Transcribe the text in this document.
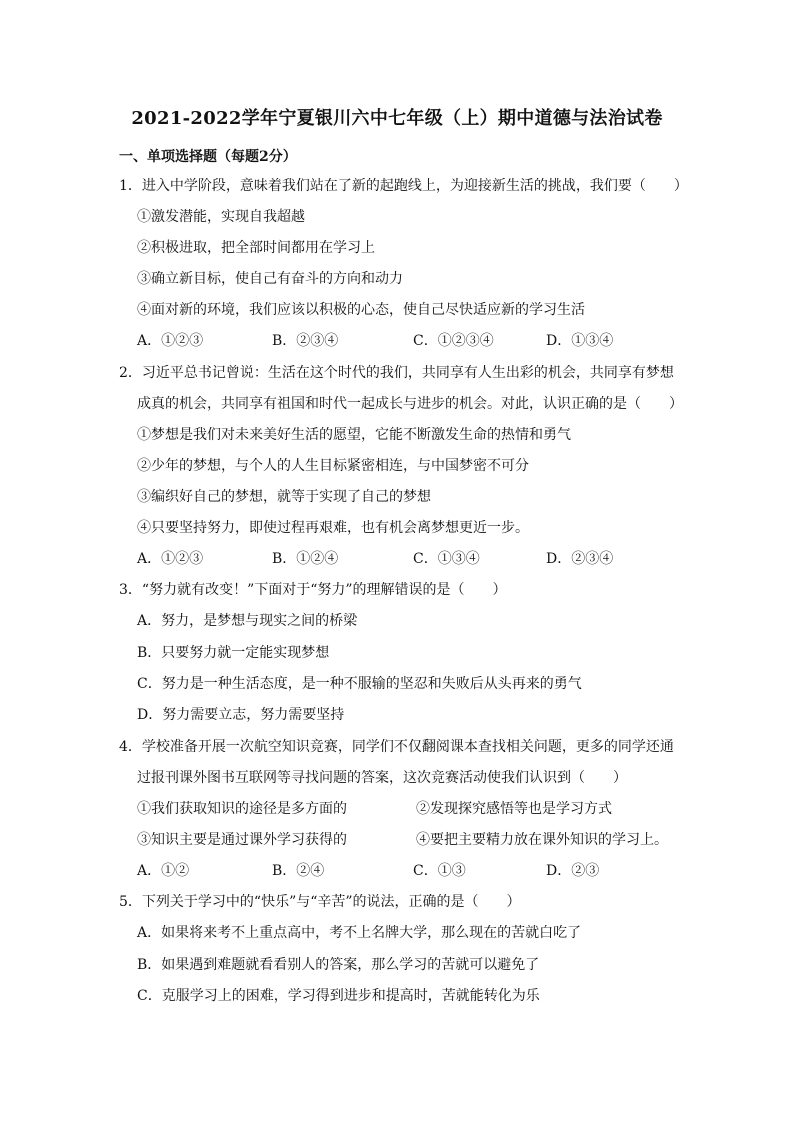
2021-2022学年宁夏银川六中七年级（上）期中道德与法治试卷
一、单项选择题（每题2分）
1．进入中学阶段，意味着我们站在了新的起跑线上，为迎接新生活的挑战，我们要（　　）
①激发潜能，实现自我超越
②积极进取，把全部时间都用在学习上
③确立新目标，使自己有奋斗的方向和动力
④面对新的环境，我们应该以积极的心态，使自己尽快适应新的学习生活
A．①②③	B．②③④	C．①②③④	D．①③④
2．习近平总书记曾说：生活在这个时代的我们，共同享有人生出彩的机会，共同享有梦想
成真的机会，共同享有祖国和时代一起成长与进步的机会。对此，认识正确的是（　　）
①梦想是我们对未来美好生活的愿望，它能不断激发生命的热情和勇气
②少年的梦想，与个人的人生目标紧密相连，与中国梦密不可分
③编织好自己的梦想，就等于实现了自己的梦想
④只要坚持努力，即使过程再艰难，也有机会离梦想更近一步。
A．①②③	B．①②④	C．①③④	D．②③④
3．“努力就有改变！”下面对于“努力”的理解错误的是（　　）
A．努力，是梦想与现实之间的桥梁
B．只要努力就一定能实现梦想
C．努力是一种生活态度，是一种不服输的坚忍和失败后从头再来的勇气
D．努力需要立志，努力需要坚持
4．学校准备开展一次航空知识竞赛，同学们不仅翻阅课本查找相关问题，更多的同学还通
过报刊课外图书互联网等寻找问题的答案，这次竞赛活动使我们认识到（　　）
①我们获取知识的途径是多方面的	②发现探究感悟等也是学习方式
③知识主要是通过课外学习获得的	④要把主要精力放在课外知识的学习上。
A．①②	B．②④	C．①③	D．②③
5．下列关于学习中的“快乐”与“辛苦”的说法，正确的是（　　）
A．如果将来考不上重点高中，考不上名牌大学，那么现在的苦就白吃了
B．如果遇到难题就看看别人的答案，那么学习的苦就可以避免了
C．克服学习上的困难，学习得到进步和提高时，苦就能转化为乐
